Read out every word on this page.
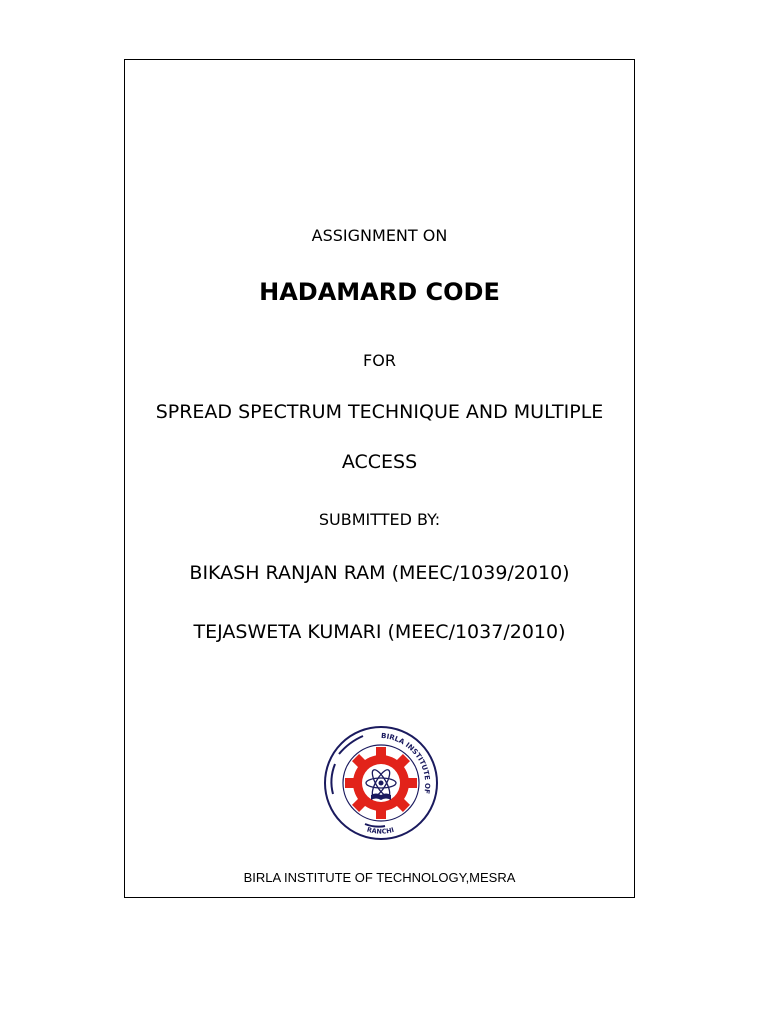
ASSIGNMENT ON
HADAMARD CODE
FOR
SPREAD SPECTRUM TECHNIQUE AND MULTIPLE
ACCESS
SUBMITTED BY:
BIKASH RANJAN RAM (MEEC/1039/2010)
TEJASWETA KUMARI (MEEC/1037/2010)
BIRLA INSTITUTE OF
RANCHI
BIRLA INSTITUTE OF TECHNOLOGY,MESRA
